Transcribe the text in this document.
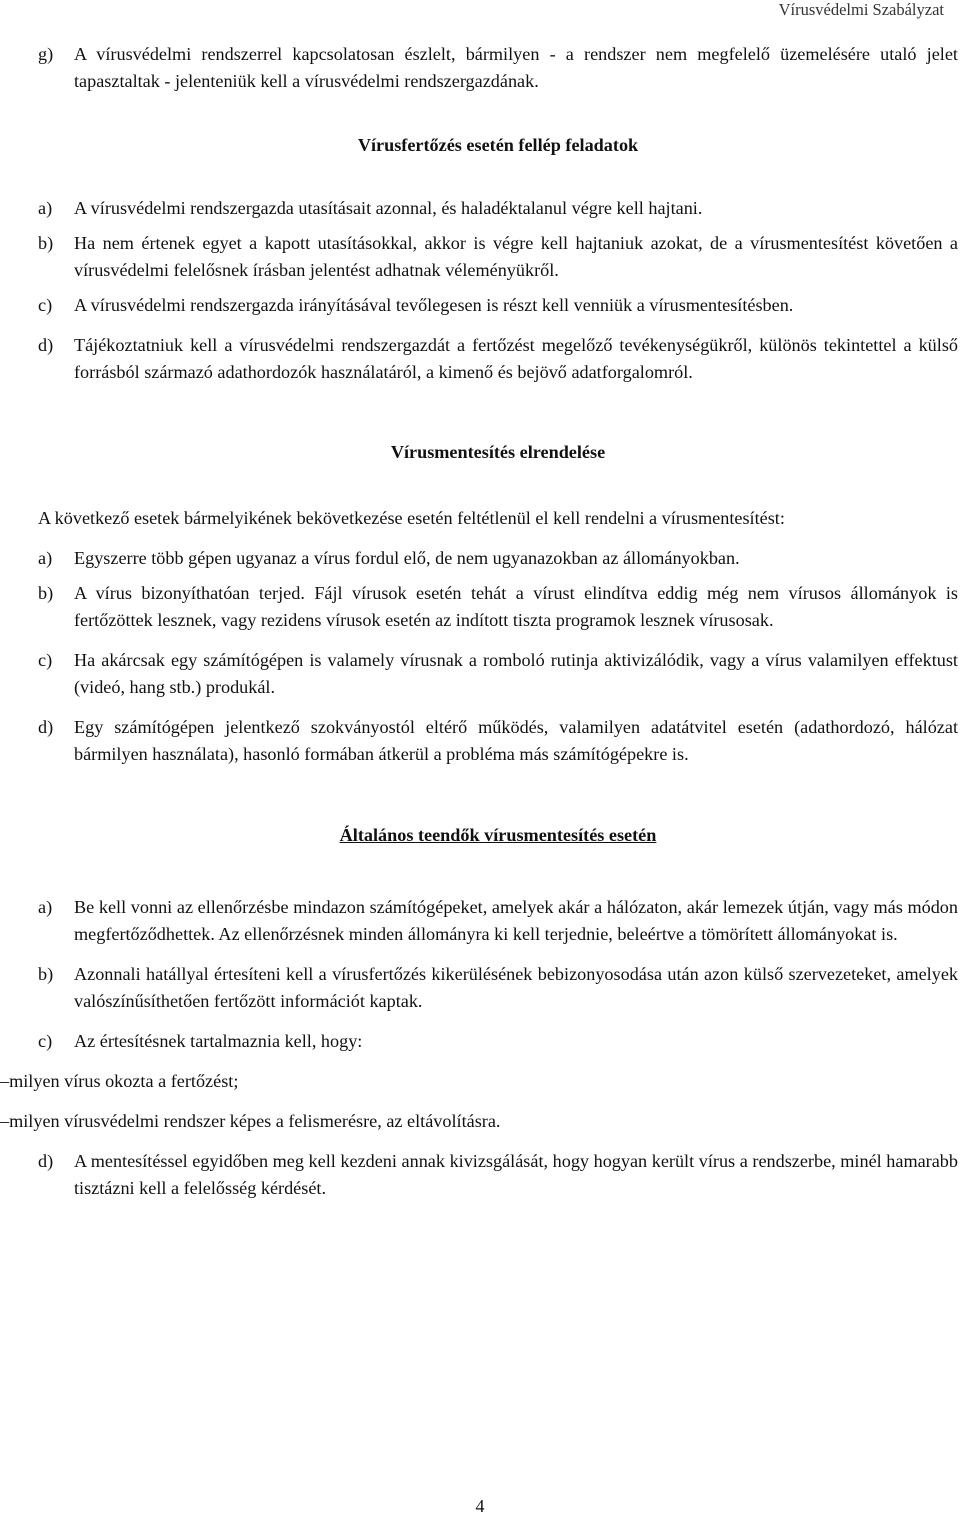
Vírusvédelmi Szabályzat
g) A vírusvédelmi rendszerrel kapcsolatosan észlelt, bármilyen - a rendszer nem megfelelő üzemelésére utaló jelet tapasztaltak - jelenteniük kell a vírusvédelmi rendszergazdának.
Vírusfertőzés esetén fellép feladatok
a) A vírusvédelmi rendszergazda utasításait azonnal, és haladéktalanul végre kell hajtani.
b) Ha nem értenek egyet a kapott utasításokkal, akkor is végre kell hajtaniuk azokat, de a vírusmentesítést követően a vírusvédelmi felelősnek írásban jelentést adhatnak véleményükről.
c) A vírusvédelmi rendszergazda irányításával tevőlegesen is részt kell venniük a vírusmentesítésben.
d) Tájékoztatniuk kell a vírusvédelmi rendszergazdát a fertőzést megelőző tevékenységükről, különös tekintettel a külső forrásból származó adathordozók használatáról, a kimenő és bejövő adatforgalomról.
Vírusmentesítés elrendelése

A következő esetek bármelyikének bekövetkezése esetén feltétlenül el kell rendelni a vírusmentesítést:

a) Egyszerre több gépen ugyanaz a vírus fordul elő, de nem ugyanazokban az állományokban.
b) A vírus bizonyíthatóan terjed. Fájl vírusok esetén tehát a vírust elindítva eddig még nem vírusos állományok is fertőzöttek lesznek, vagy rezidens vírusok esetén az indított tiszta programok lesznek vírusosak.
c) Ha akárcsak egy számítógépen is valamely vírusnak a romboló rutinja aktivizálódik, vagy a vírus valamilyen effektust (videó, hang stb.) produkál.
d) Egy számítógépen jelentkező szokványostól eltérő működés, valamilyen adatátvitel esetén (adathordozó, hálózat bármilyen használata), hasonló formában átkerül a probléma más számítógépekre is.
Általános teendők vírusmentesítés esetén
a) Be kell vonni az ellenőrzésbe mindazon számítógépeket, amelyek akár a hálózaton, akár lemezek útján, vagy más módon megfertőződhettek. Az ellenőrzésnek minden állományra ki kell terjednie, beleértve a tömörített állományokat is.
b) Azonnali hatállyal értesíteni kell a vírusfertőzés kikerülésének bebizonyosodása után azon külső szervezeteket, amelyek valószínűsíthetően fertőzött információt kaptak.
c) Az értesítésnek tartalmaznia kell, hogy:
–milyen vírus okozta a fertőzést;
–milyen vírusvédelmi rendszer képes a felismerésre, az eltávolításra.
d) A mentesítéssel egyidőben meg kell kezdeni annak kivizsgálását, hogy hogyan került vírus a rendszerbe, minél hamarabb tisztázni kell a felelősség kérdését.
4
